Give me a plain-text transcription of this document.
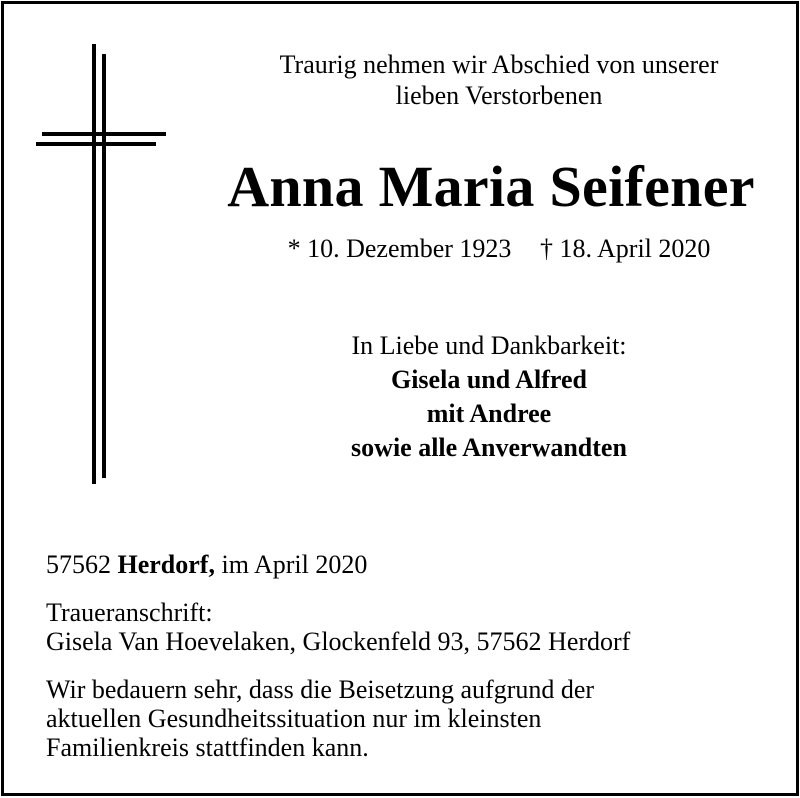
Traurig nehmen wir Abschied von unserer
lieben Verstorbenen
Anna Maria Seifener
* 10. Dezember 1923 † 18. April 2020
In Liebe und Dankbarkeit:
Gisela und Alfred
mit Andree
sowie alle Anverwandten
57562 Herdorf, im April 2020
Traueranschrift:
Gisela Van Hoevelaken, Glockenfeld 93, 57562 Herdorf
Wir bedauern sehr, dass die Beisetzung aufgrund der
aktuellen Gesundheitssituation nur im kleinsten
Familienkreis stattfinden kann.
